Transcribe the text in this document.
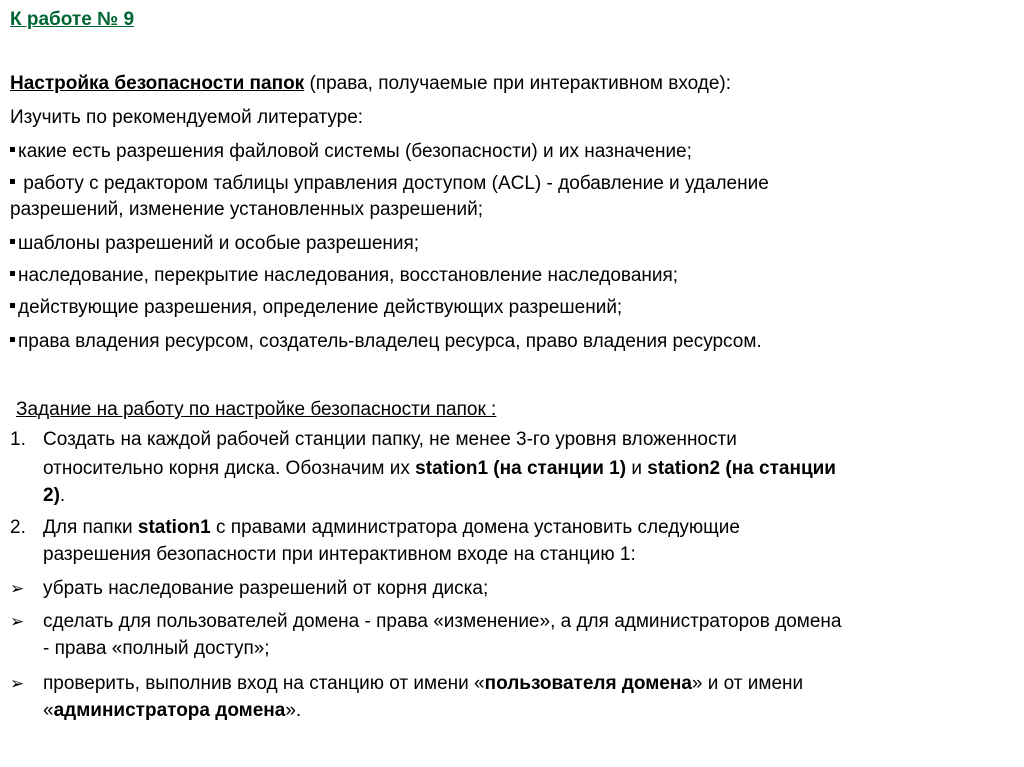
К работе № 9
Настройка безопасности папок (права, получаемые при интерактивном входе):
Изучить по рекомендуемой литературе:
какие есть разрешения файловой системы (безопасности) и их назначение;
работу с редактором таблицы управления доступом (ACL) - добавление и удаление
разрешений, изменение установленных разрешений;
шаблоны разрешений и особые разрешения;
наследование, перекрытие наследования, восстановление наследования;
действующие разрешения, определение действующих разрешений;
права владения ресурсом, создатель-владелец ресурса, право владения ресурсом.
Задание на работу по настройке безопасности папок :
1. Создать на каждой рабочей станции папку, не менее 3-го уровня вложенности
относительно корня диска. Обозначим их station1 (на станции 1) и station2 (на станции
2).
2. Для папки station1 с правами администратора домена установить следующие
разрешения безопасности при интерактивном входе на станцию 1:
➢ убрать наследование разрешений от корня диска;
➢ сделать для пользователей домена - права «изменение», а для администраторов домена
- права «полный доступ»;
➢ проверить, выполнив вход на станцию от имени «пользователя домена» и от имени
«администратора домена».
